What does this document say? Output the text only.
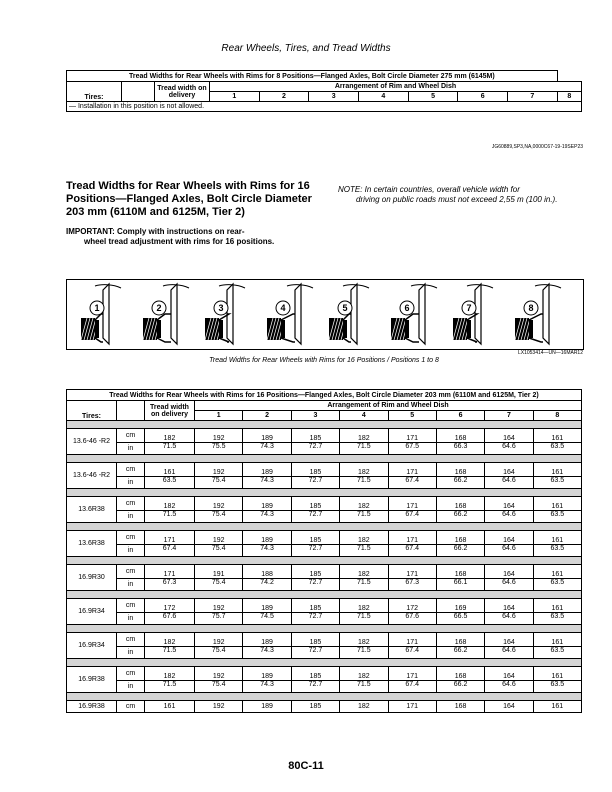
Rear Wheels, Tires, and Tread Widths
Tread Widths for Rear Wheels with Rims for 8 Positions—Flanged Axles, Bolt Circle Diameter 275 mm (6145M)										
Tires:		Tread width on delivery	Arrangement of Rim and Wheel Dish							
			1	2	3	4	5	6	7	8
— Installation in this position is not allowed.										
JG60889,SP3,NA,0000C67-19-19SEP23
Tread Widths for Rear Wheels with Rims for 16 Positions—Flanged Axles, Bolt Circle Diameter 203 mm (6110M and 6125M, Tier 2)
IMPORTANT: Comply with instructions on rear-
wheel tread adjustment with rims for 16 positions.
NOTE: In certain countries, overall vehicle width for
driving on public roads must not exceed 2,55 m (100 in.).
1	2	3	4	5	6	7	8
LX1053414—UN—16MAR12
Tread Widths for Rear Wheels with Rims for 16 Positions / Positions 1 to 8
Tread Widths for Rear Wheels with Rims for 16 Positions—Flanged Axles, Bolt Circle Diameter 203 mm (6110M and 6125M, Tier 2)										
Tires:		Tread width on delivery	Arrangement of Rim and Wheel Dish							
			1	2	3	4	5	6	7	8

13.6-46 -R2	cm	182	192	189	185	182	171	168	164	161
	in	71.5	75.5	74.3	72.7	71.5	67.5	66.3	64.6	63.5

13.6-46 -R2	cm	161	192	189	185	182	171	168	164	161
	in	63.5	75.4	74.3	72.7	71.5	67.4	66.2	64.6	63.5

13.6R38	cm	182	192	189	185	182	171	168	164	161
	in	71.5	75.4	74.3	72.7	71.5	67.4	66.2	64.6	63.5

13.6R38	cm	171	192	189	185	182	171	168	164	161
	in	67.4	75.4	74.3	72.7	71.5	67.4	66.2	64.6	63.5

16.9R30	cm	171	191	188	185	182	171	168	164	161
	in	67.3	75.4	74.2	72.7	71.5	67.3	66.1	64.6	63.5

16.9R34	cm	172	192	189	185	182	172	169	164	161
	in	67.6	75.7	74.5	72.7	71.5	67.6	66.5	64.6	63.5

16.9R34	cm	182	192	189	185	182	171	168	164	161
	in	71.5	75.4	74.3	72.7	71.5	67.4	66.2	64.6	63.5

16.9R38	cm	182	192	189	185	182	171	168	164	161
	in	71.5	75.4	74.3	72.7	71.5	67.4	66.2	64.6	63.5

16.9R38	cm	161	192	189	185	182	171	168	164	161
80C-11
